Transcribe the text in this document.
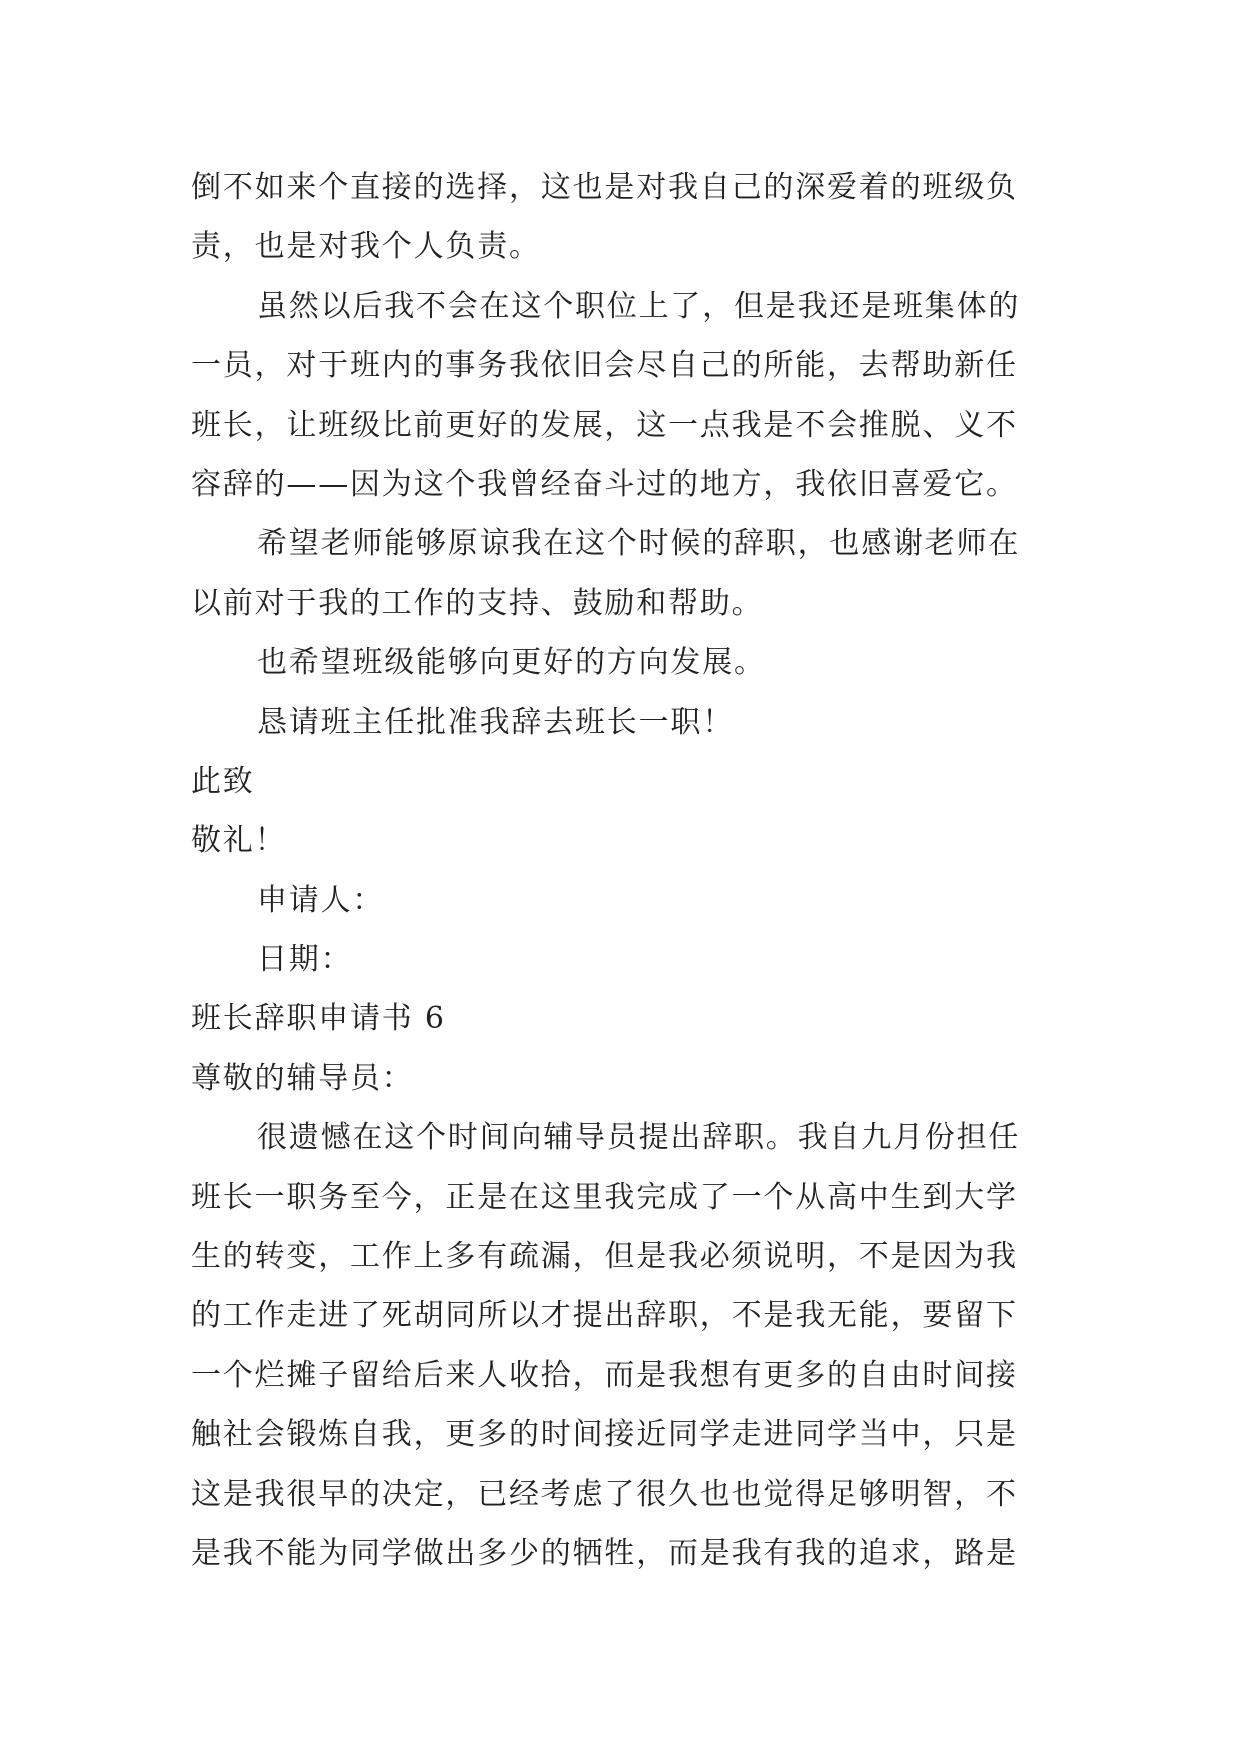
倒不如来个直接的选择，这也是对我自己的深爱着的班级负
责，也是对我个人负责。
虽然以后我不会在这个职位上了，但是我还是班集体的
一员，对于班内的事务我依旧会尽自己的所能，去帮助新任
班长，让班级比前更好的发展，这一点我是不会推脱、义不
容辞的——因为这个我曾经奋斗过的地方，我依旧喜爱它。
希望老师能够原谅我在这个时候的辞职，也感谢老师在
以前对于我的工作的支持、鼓励和帮助。
也希望班级能够向更好的方向发展。
恳请班主任批准我辞去班长一职！
此致
敬礼！
申请人：
日期：
班长辞职申请书 6
尊敬的辅导员：
很遗憾在这个时间向辅导员提出辞职。我自九月份担任
班长一职务至今，正是在这里我完成了一个从高中生到大学
生的转变，工作上多有疏漏，但是我必须说明，不是因为我
的工作走进了死胡同所以才提出辞职，不是我无能，要留下
一个烂摊子留给后来人收拾，而是我想有更多的自由时间接
触社会锻炼自我，更多的时间接近同学走进同学当中，只是
这是我很早的决定，已经考虑了很久也也觉得足够明智，不
是我不能为同学做出多少的牺牲，而是我有我的追求，路是
